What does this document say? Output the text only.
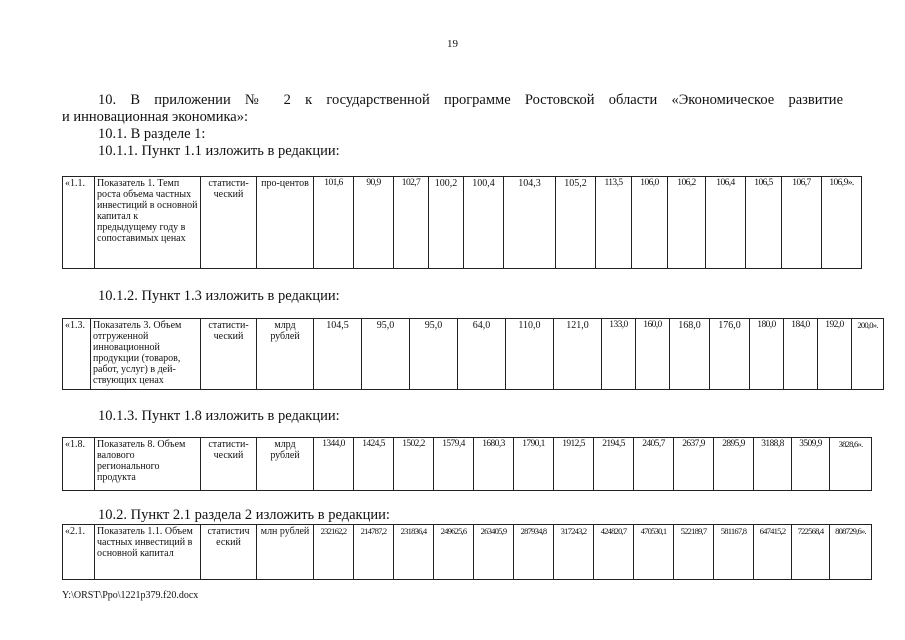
19
10. В приложении № 2 к государственной программе Ростовской области «Экономическое развитие
и инновационная экономика»:
10.1. В разделе 1:
10.1.1. Пункт 1.1 изложить в редакции:
«1.1.	Показатель 1. Темп роста объема частных инвестиций в основной капитал к предыдущему году в сопоставимых ценах	статисти-ческий	про-центов	101,6	90,9	102,7	100,2	100,4	104,3	105,2	113,5	106,0	106,2	106,4	106,5	106,7	106,9».
10.1.2. Пункт 1.3 изложить в редакции:
«1.3.	Показатель 3. Объем отгруженной инновационной продукции (товаров, работ, услуг) в дей-ствующих ценах	статисти-ческий	млрд рублей	104,5	95,0	95,0	64,0	110,0	121,0	133,0	160,0	168,0	176,0	180,0	184,0	192,0	200,0».
10.1.3. Пункт 1.8 изложить в редакции:
«1.8.	Показатель 8. Объем валового регионального продукта	статисти-ческий	млрд рублей	1344,0	1424,5	1502,2	1579,4	1680,3	1790,1	1912,5	2194,5	2405,7	2637,9	2895,9	3188,8	3509,9	3828,6».
10.2. Пункт 2.1 раздела 2 изложить в редакции:
«2.1.	Показатель 1.1. Объем частных инвестиций в основной капитал	статистич еский	млн рублей	232162,2	214787,2	231836,4	249625,6	263405,9	287934,8	317243,2	424820,7	470530,1	522189,7	581167,8	647415,2	722568,4	808729,6».
Y:\ORST\Ppo\1221p379.f20.docx
